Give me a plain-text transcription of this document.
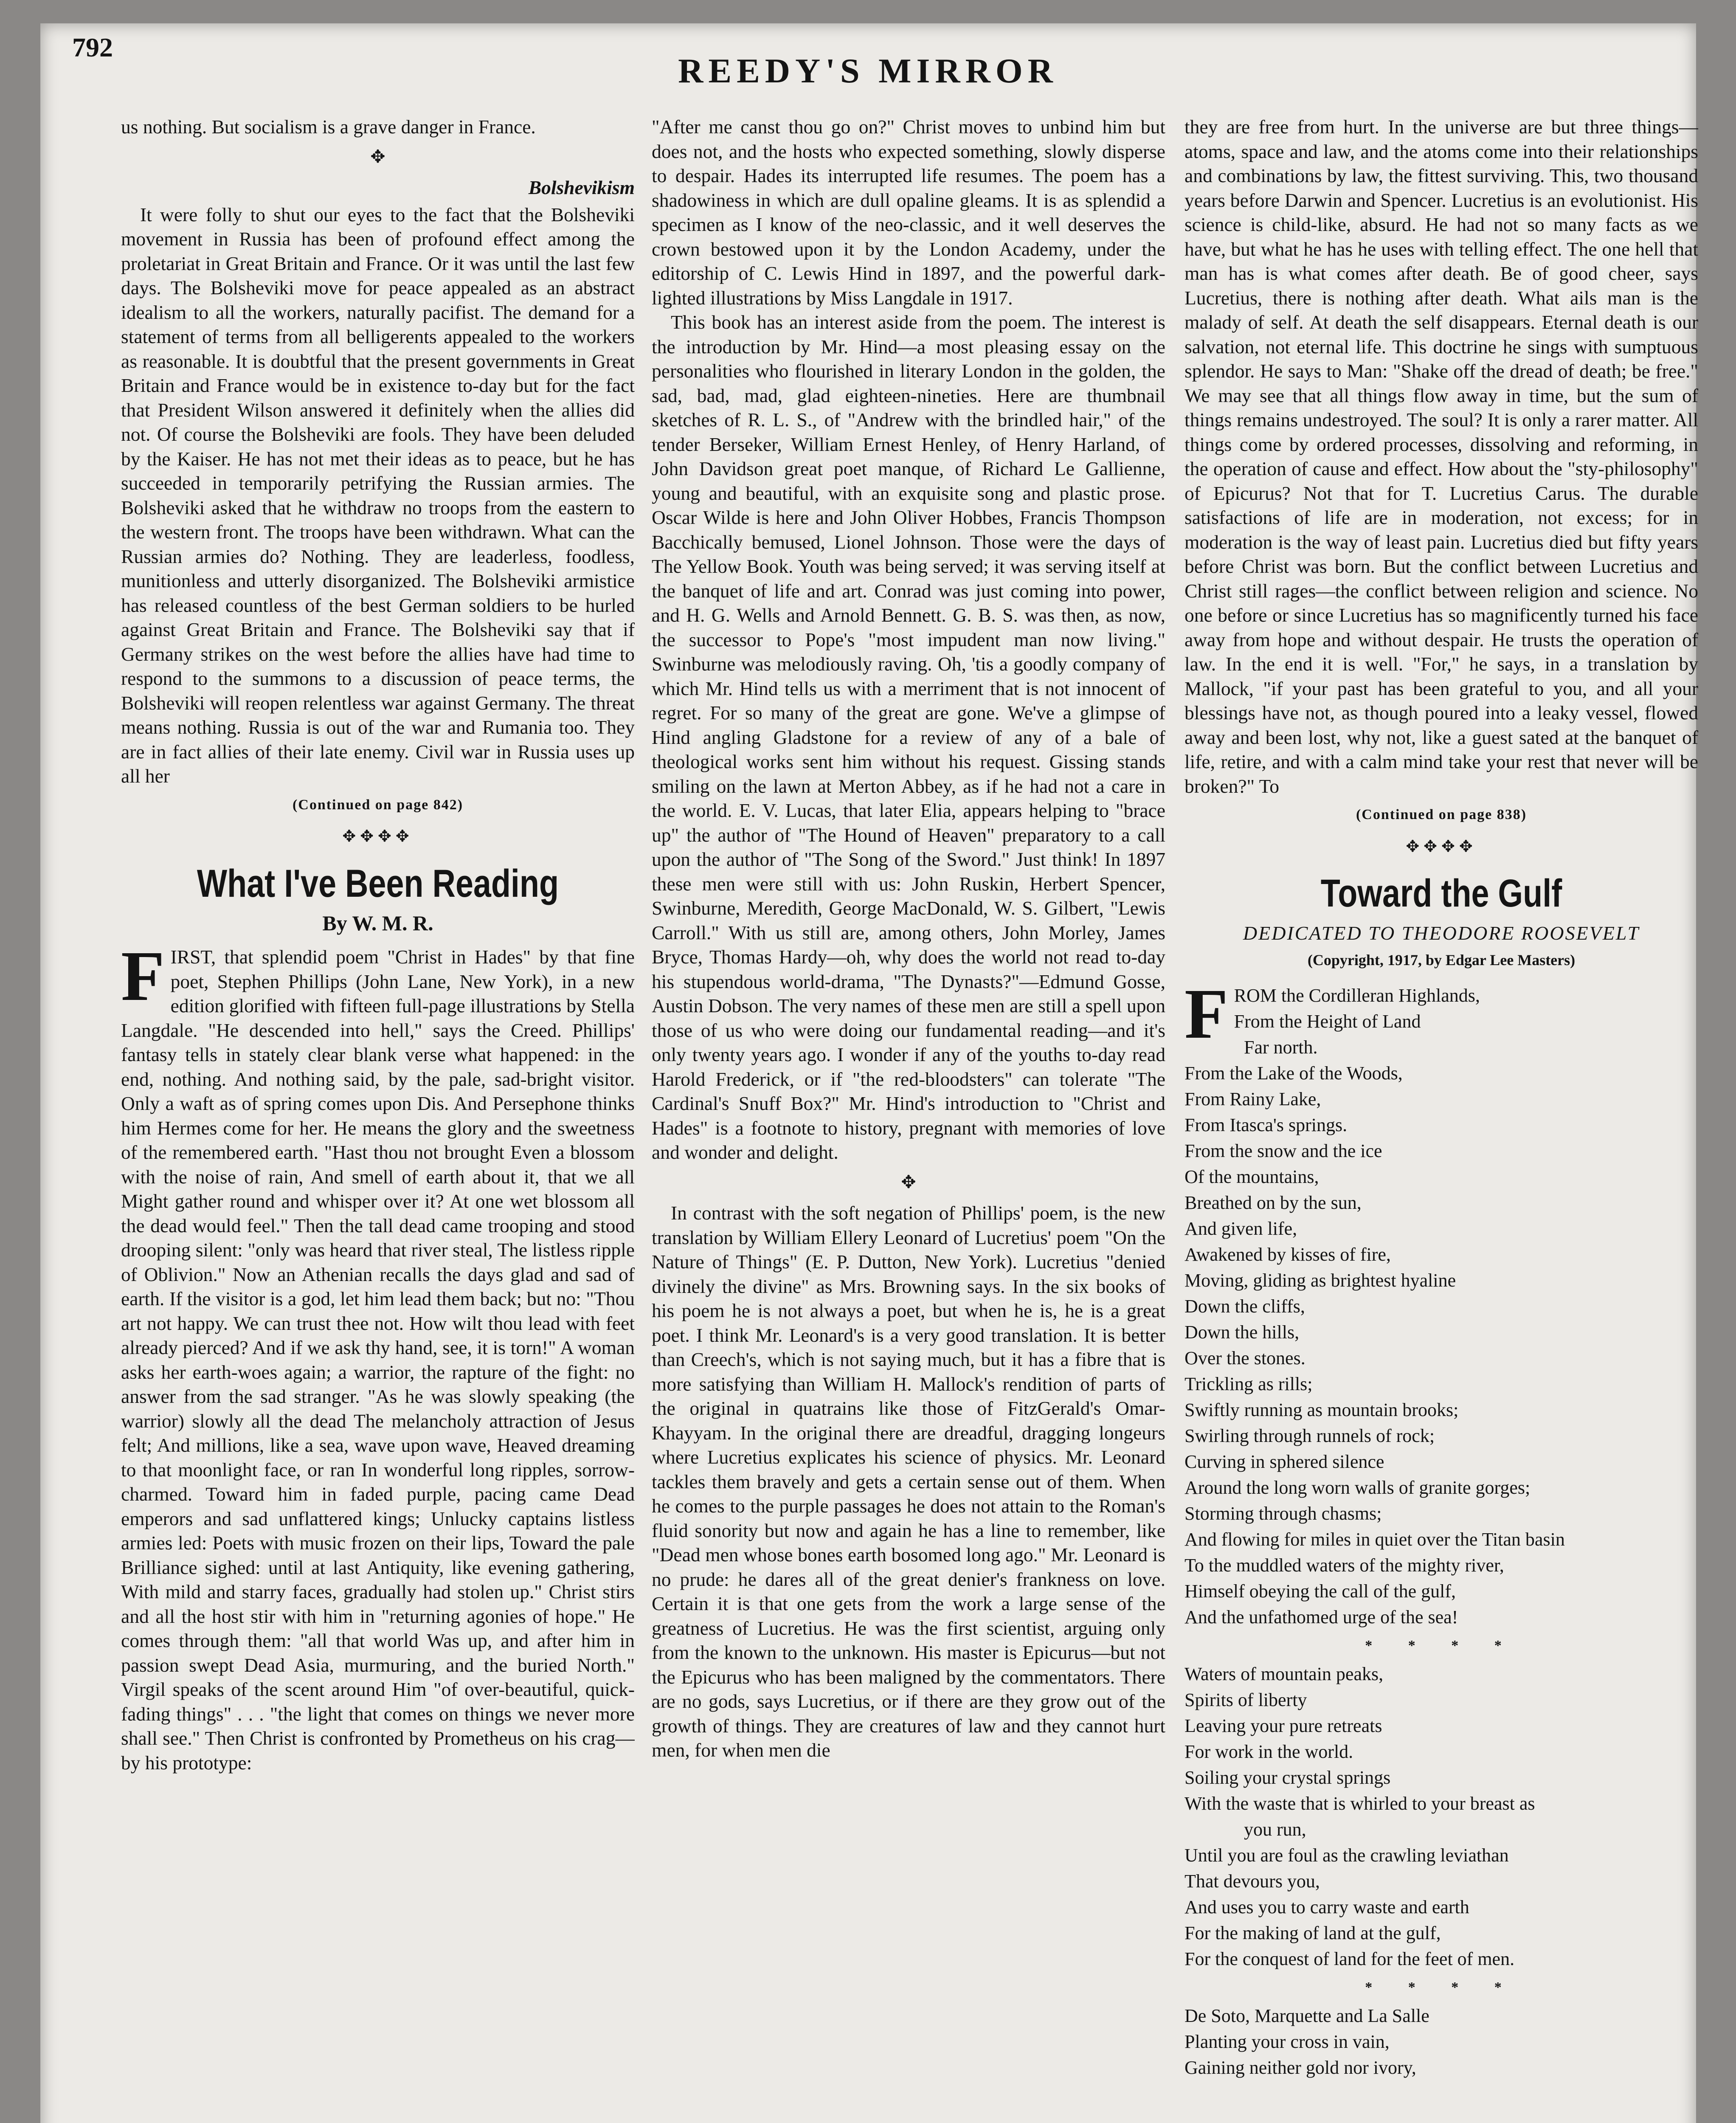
792
REEDY'S MIRROR

us nothing. But socialism is a grave danger in France.

✥
Bolshevikism

It were folly to shut our eyes to the fact that the Bolsheviki movement in Russia has been of profound effect among the proletariat in Great Britain and France. Or it was until the last few days. The Bolsheviki move for peace appealed as an abstract idealism to all the workers, naturally pacifist. The demand for a statement of terms from all belligerents appealed to the workers as reasonable. It is doubtful that the present governments in Great Britain and France would be in existence to-day but for the fact that President Wilson answered it definitely when the allies did not. Of course the Bolsheviki are fools. They have been deluded by the Kaiser. He has not met their ideas as to peace, but he has succeeded in temporarily petrifying the Russian armies. The Bolsheviki asked that he withdraw no troops from the eastern to the western front. The troops have been withdrawn. What can the Russian armies do? Nothing. They are leaderless, foodless, munitionless and utterly disorganized. The Bolsheviki armistice has released countless of the best German soldiers to be hurled against Great Britain and France. The Bolsheviki say that if Germany strikes on the west before the allies have had time to respond to the summons to a discussion of peace terms, the Bolsheviki will reopen relentless war against Germany. The threat means nothing. Russia is out of the war and Rumania too. They are in fact allies of their late enemy. Civil war in Russia uses up all her

(Continued on page 842)
✥✥✥✥
What I've Been Reading
By W. M. R.
F IRST, that splendid poem "Christ in Hades" by that fine poet, Stephen Phillips (John Lane, New York), in a new edition glorified with fifteen full-page illustrations by Stella Langdale. "He descended into hell," says the Creed. Phillips' fantasy tells in stately clear blank verse what happened: in the end, nothing. And nothing said, by the pale, sad-bright visitor. Only a waft as of spring comes upon Dis. And Persephone thinks him Hermes come for her. He means the glory and the sweetness of the remembered earth. "Hast thou not brought Even a blossom with the noise of rain, And smell of earth about it, that we all Might gather round and whisper over it? At one wet blossom all the dead would feel." Then the tall dead came trooping and stood drooping silent: "only was heard that river steal, The listless ripple of Oblivion." Now an Athenian recalls the days glad and sad of earth. If the visitor is a god, let him lead them back; but no: "Thou art not happy. We can trust thee not. How wilt thou lead with feet already pierced? And if we ask thy hand, see, it is torn!" A woman asks her earth-woes again; a warrior, the rapture of the fight: no answer from the sad stranger. "As he was slowly speaking (the warrior) slowly all the dead The melancholy attraction of Jesus felt; And millions, like a sea, wave upon wave, Heaved dreaming to that moonlight face, or ran In wonderful long ripples, sorrow-charmed. Toward him in faded purple, pacing came Dead emperors and sad unflattered kings; Unlucky captains listless armies led: Poets with music frozen on their lips, Toward the pale Brilliance sighed: until at last Antiquity, like evening gathering, With mild and starry faces, gradually had stolen up." Christ stirs and all the host stir with him in "returning agonies of hope." He comes through them: "all that world Was up, and after him in passion swept Dead Asia, murmuring, and the buried North." Virgil speaks of the scent around Him "of over-beautiful, quick-fading things" . . . "the light that comes on things we never more shall see." Then Christ is confronted by Prometheus on his crag—by his prototype:

"After me canst thou go on?" Christ moves to unbind him but does not, and the hosts who expected something, slowly disperse to despair. Hades its interrupted life resumes. The poem has a shadowiness in which are dull opaline gleams. It is as splendid a specimen as I know of the neo-classic, and it well deserves the crown bestowed upon it by the London Academy, under the editorship of C. Lewis Hind in 1897, and the powerful dark-lighted illustrations by Miss Langdale in 1917.

This book has an interest aside from the poem. The interest is the introduction by Mr. Hind—a most pleasing essay on the personalities who flourished in literary London in the golden, the sad, bad, mad, glad eighteen-nineties. Here are thumbnail sketches of R. L. S., of "Andrew with the brindled hair," of the tender Berseker, William Ernest Henley, of Henry Harland, of John Davidson great poet manque, of Richard Le Gallienne, young and beautiful, with an exquisite song and plastic prose. Oscar Wilde is here and John Oliver Hobbes, Francis Thompson Bacchically bemused, Lionel Johnson. Those were the days of The Yellow Book. Youth was being served; it was serving itself at the banquet of life and art. Conrad was just coming into power, and H. G. Wells and Arnold Bennett. G. B. S. was then, as now, the successor to Pope's "most impudent man now living." Swinburne was melodiously raving. Oh, 'tis a goodly company of which Mr. Hind tells us with a merriment that is not innocent of regret. For so many of the great are gone. We've a glimpse of Hind angling Gladstone for a review of any of a bale of theological works sent him without his request. Gissing stands smiling on the lawn at Merton Abbey, as if he had not a care in the world. E. V. Lucas, that later Elia, appears helping to "brace up" the author of "The Hound of Heaven" preparatory to a call upon the author of "The Song of the Sword." Just think! In 1897 these men were still with us: John Ruskin, Herbert Spencer, Swinburne, Meredith, George MacDonald, W. S. Gilbert, "Lewis Carroll." With us still are, among others, John Morley, James Bryce, Thomas Hardy—oh, why does the world not read to-day his stupendous world-drama, "The Dynasts?"—Edmund Gosse, Austin Dobson. The very names of these men are still a spell upon those of us who were doing our fundamental reading—and it's only twenty years ago. I wonder if any of the youths to-day read Harold Frederick, or if "the red-bloodsters" can tolerate "The Cardinal's Snuff Box?" Mr. Hind's introduction to "Christ and Hades" is a footnote to history, pregnant with memories of love and wonder and delight.

✥

In contrast with the soft negation of Phillips' poem, is the new translation by William Ellery Leonard of Lucretius' poem "On the Nature of Things" (E. P. Dutton, New York). Lucretius "denied divinely the divine" as Mrs. Browning says. In the six books of his poem he is not always a poet, but when he is, he is a great poet. I think Mr. Leonard's is a very good translation. It is better than Creech's, which is not saying much, but it has a fibre that is more satisfying than William H. Mallock's rendition of parts of the original in quatrains like those of FitzGerald's Omar-Khayyam. In the original there are dreadful, dragging longeurs where Lucretius explicates his science of physics. Mr. Leonard tackles them bravely and gets a certain sense out of them. When he comes to the purple passages he does not attain to the Roman's fluid sonority but now and again he has a line to remember, like "Dead men whose bones earth bosomed long ago." Mr. Leonard is no prude: he dares all of the great denier's frankness on love. Certain it is that one gets from the work a large sense of the greatness of Lucretius. He was the first scientist, arguing only from the known to the unknown. His master is Epicurus—but not the Epicurus who has been maligned by the commentators. There are no gods, says Lucretius, or if there are they grow out of the growth of things. They are creatures of law and they cannot hurt men, for when men die

they are free from hurt. In the universe are but three things—atoms, space and law, and the atoms come into their relationships and combinations by law, the fittest surviving. This, two thousand years before Darwin and Spencer. Lucretius is an evolutionist. His science is child-like, absurd. He had not so many facts as we have, but what he has he uses with telling effect. The one hell that man has is what comes after death. Be of good cheer, says Lucretius, there is nothing after death. What ails man is the malady of self. At death the self disappears. Eternal death is our salvation, not eternal life. This doctrine he sings with sumptuous splendor. He says to Man: "Shake off the dread of death; be free." We may see that all things flow away in time, but the sum of things remains undestroyed. The soul? It is only a rarer matter. All things come by ordered processes, dissolving and reforming, in the operation of cause and effect. How about the "sty-philosophy" of Epicurus? Not that for T. Lucretius Carus. The durable satisfactions of life are in moderation, not excess; for in moderation is the way of least pain. Lucretius died but fifty years before Christ was born. But the conflict between Lucretius and Christ still rages—the conflict between religion and science. No one before or since Lucretius has so magnificently turned his face away from hope and without despair. He trusts the operation of law. In the end it is well. "For," he says, in a translation by Mallock, "if your past has been grateful to you, and all your blessings have not, as though poured into a leaky vessel, flowed away and been lost, why not, like a guest sated at the banquet of life, retire, and with a calm mind take your rest that never will be broken?" To

(Continued on page 838)
✥✥✥✥
Toward the Gulf
DEDICATED TO THEODORE ROOSEVELT
(Copyright, 1917, by Edgar Lee Masters)
F ROM the Cordilleran Highlands,
From the Height of Land
Far north.
From the Lake of the Woods,
From Rainy Lake,
From Itasca's springs.
From the snow and the ice
Of the mountains,
Breathed on by the sun,
And given life,
Awakened by kisses of fire,
Moving, gliding as brightest hyaline
Down the cliffs,
Down the hills,
Over the stones.
Trickling as rills;
Swiftly running as mountain brooks;
Swirling through runnels of rock;
Curving in sphered silence
Around the long worn walls of granite gorges;
Storming through chasms;
And flowing for miles in quiet over the Titan basin
To the muddled waters of the mighty river,
Himself obeying the call of the gulf,
And the unfathomed urge of the sea!
* * * *
Waters of mountain peaks,
Spirits of liberty
Leaving your pure retreats
For work in the world.
Soiling your crystal springs
With the waste that is whirled to your breast as
you run,
Until you are foul as the crawling leviathan
That devours you,
And uses you to carry waste and earth
For the making of land at the gulf,
For the conquest of land for the feet of men.
* * * *
De Soto, Marquette and La Salle
Planting your cross in vain,
Gaining neither gold nor ivory,
